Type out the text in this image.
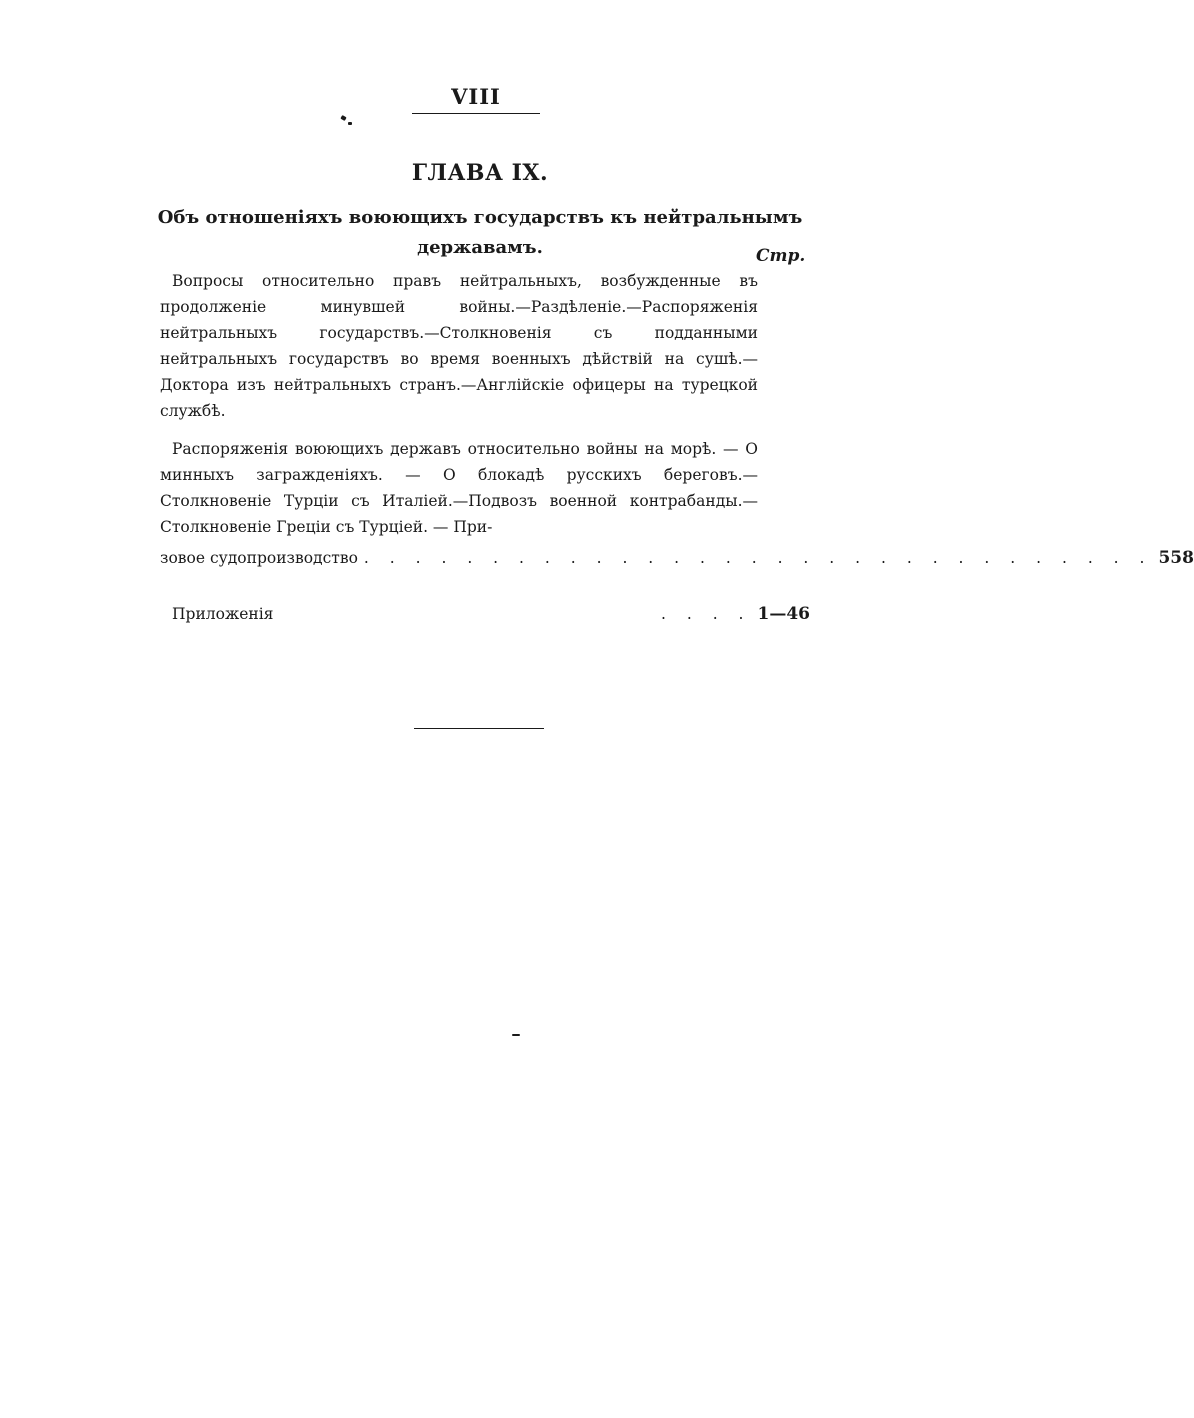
VIII
ГЛАВА IX.
Объ отношеніяхъ воюющихъ государствъ къ нейтральнымъ державамъ.	Стр.
Вопросы относительно правъ нейтральныхъ, возбужденные въ продолженіе минувшей войны.—Раздѣленіе.—Распоряженія нейтральныхъ государствъ.—Столкновенія съ подданными нейтральныхъ государствъ во время военныхъ дѣйствій на сушѣ.—Доктора изъ нейтральныхъ странъ.—Англійскіе офицеры на турецкой службѣ.
Распоряженія воюющихъ державъ относительно войны на морѣ. — О минныхъ загражденіяхъ. — О блокадѣ русскихъ береговъ.—Столкновеніе Турціи съ Италіей.—Подвозъ военной контрабанды.—Столкновеніе Греціи съ Турціей. — При-
зовое судопроизводство . . . . . . . . . . . . . . . . . . . . . . . . . . . . . . . 558
Приложенія	. . . . 1—46
